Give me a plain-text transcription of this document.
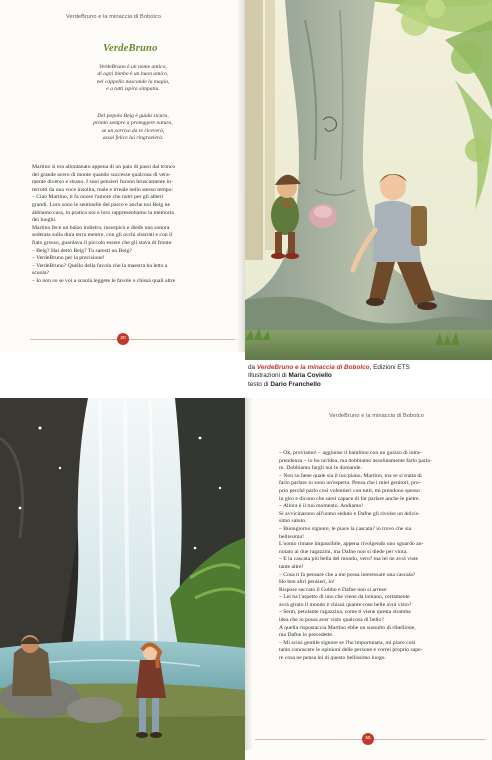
VerdeBruno e la minaccia di Bobolco
VerdeBruno
VerdeBruno è un nome antico,
di ogni bimbo è un buon amico,
nel cappello nasconde la magia,
e a tutti ispira simpatia.
Del popolo Beig è guida sicura,
pronto sempre a proteggere natura,
se un sorriso da te riceverà,
assai felice lui ringrazierà.
Martino si era allontanato appena di un paio di passi dal tronco
del grande acero di monte quando successe qualcosa di vera-
mente diverso e strano. I suoi pensieri furono bruscamente in-
terrotti da una voce insolita, reale e irreale nello stesso tempo:
– Ciao Martino, ti fa onore l'amore che nutri per gli alberi
grandi. Loro sono le sentinelle del parco e anche noi Beig ne
abbiamo cura, in pratica noi e loro rappresentiamo la memoria
dei luoghi.
Martino fece un balzo indietro, incespicò e diede una sonora
sederata sulla dura terra mentre, con gli occhi sbarrati e con il
fiato grosso, guardava il piccolo essere che gli stava di fronte:
– Beig? Hai detto Beig? Tu saresti un Beig?
– VerdeBruno per la precisione!
– VerdeBruno? Quello della favola che la maestra ha letto a
scuola?
– Io non so se voi a scuola leggete le favole o chissà quali altre
20
da VerdeBruno e la minaccia di Bobolco, Edizioni ETS
Illustrazioni di Maria Coviello
testo di Dario Franchello
VerdeBruno e la minaccia di Bobolco
– Ok, proviamo! – aggiunse il bambino con un guizzo di intra-
prendenza – io ho un'idea, ma dobbiamo assolutamente farlo parla-
re. Dobbiamo fargli noi le domande.
– Non so bene quale sia il tuo piano, Martino, ma se si tratta di
farlo parlare io sono un'esperta. Pensa che i miei genitori, pro-
prio perché parlo così volentieri con tutti, mi prendono spesso
in giro e dicono che sarei capace di far parlare anche le pietre.
– Allora è il tuo momento. Andiamo!
Si avvicinarono all'uomo seduto e Dafne gli rivolse un dolcis-
simo saluto.
– Buongiorno signore, le piace la cascata? io trovo che sia
bellissima!
L'uomo rimase impassibile, appena rivolgendo uno sguardo an-
noiato ai due ragazzini, ma Dafne non si diede per vinta.
– È la cascata più bella del mondo, vero? ma lei ne avrà viste
tante altre!
– Cosa ti fa pensare che a me possa interessare una cascata?
Ho ben altri pensieri, io!
Rispose seccato il Gobbo e Dafne non si arrese:
– Lei ha l'aspetto di uno che viene da lontano, certamente
avrà girato il mondo e chissà quante cose belle avrà visto?
– Senti, petulante ragazzina, come ti viene questa stramba
idea che io possa aver visto qualcosa di bello?
A quella rispostaccia Martino ebbe un sussulto di ribellione,
ma Dafne lo precedette.
– Mi scusi gentile signore se l'ho importunata, mi piace così
tanto conoscere le opinioni delle persone e vorrei proprio sape-
re cosa ne pensa lei di questo bellissimo luogo.
55
